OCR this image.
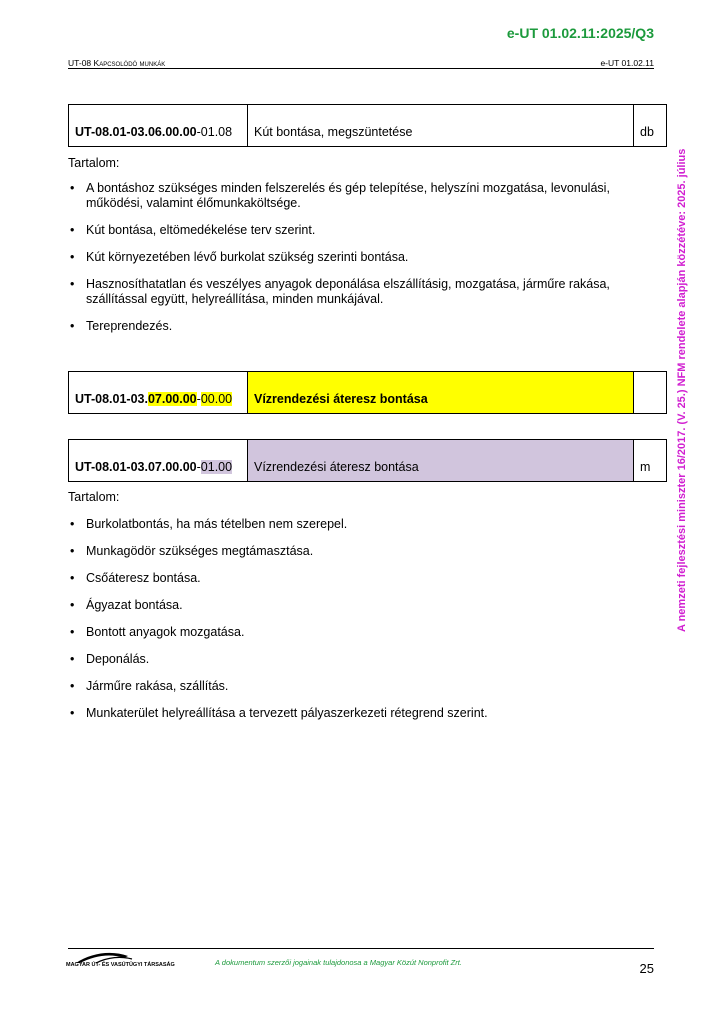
e-UT 01.02.11:2025/Q3
UT-08 Kapcsolódó munkák	e-UT 01.02.11
A nemzeti fejlesztési miniszter 16/2017. (V. 25.) NFM rendelete alapján közzétéve: 2025. július
UT-08.01-03.06.00.00-01.08	Kút bontása, megszüntetése	db
Tartalom:
• A bontáshoz szükséges minden felszerelés és gép telepítése, helyszíni mozgatása, levonulási, működési, valamint élőmunkaköltsége.
• Kút bontása, eltömedékelése terv szerint.
• Kút környezetében lévő burkolat szükség szerinti bontása.
• Hasznosíthatatlan és veszélyes anyagok deponálása elszállításig, mozgatása, járműre rakása, szállítással együtt, helyreállítása, minden munkájával.
• Tereprendezés.
UT-08.01-03.07.00.00-00.00	Vízrendezési áteresz bontása	
UT-08.01-03.07.00.00-01.00	Vízrendezési áteresz bontása	m
Tartalom:
• Burkolatbontás, ha más tételben nem szerepel.
• Munkagödör szükséges megtámasztása.
• Csőáteresz bontása.
• Ágyazat bontása.
• Bontott anyagok mozgatása.
• Deponálás.
• Járműre rakása, szállítás.
• Munkaterület helyreállítása a tervezett pályaszerkezeti rétegrend szerint.
MAGYAR ÚT- ÉS VASÚTÜGYI TÁRSASÁG	A dokumentum szerzői jogainak tulajdonosa a Magyar Közút Nonprofit Zrt.	25
